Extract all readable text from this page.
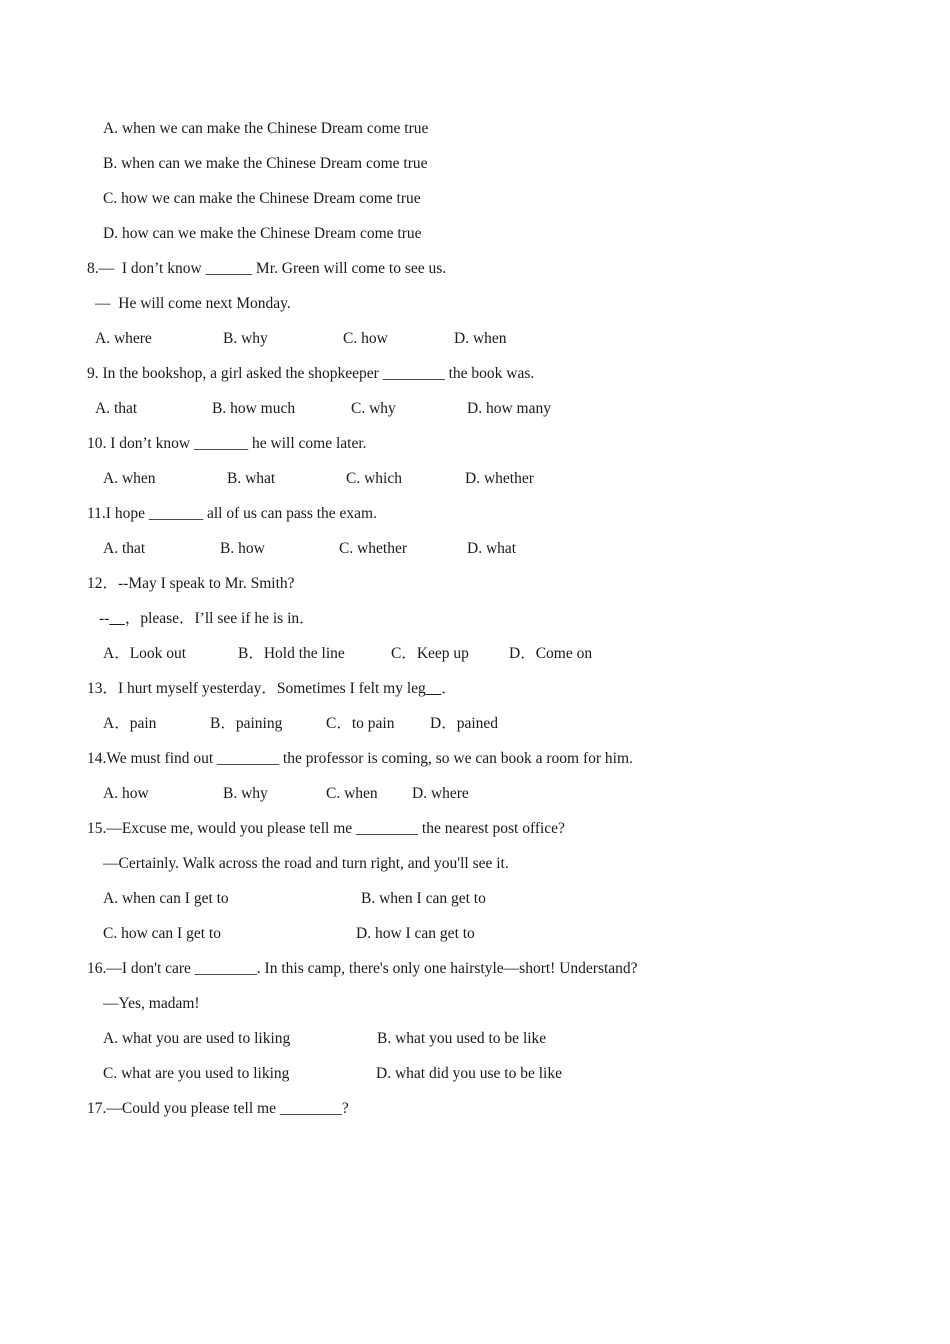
A. when we can make the Chinese Dream come true
B. when can we make the Chinese Dream come true
C. how we can make the Chinese Dream come true
D. how can we make the Chinese Dream come true
8.—  I don’t know ______ Mr. Green will come to see us.
—  He will come next Monday.
A. where	B. why	C. how	D. when
9. In the bookshop, a girl asked the shopkeeper ________ the book was.
A. that	B. how much	C. why	D. how many
10. I don’t know _______ he will come later.
A. when	B. what	C. which	D. whether
11.I hope _______ all of us can pass the exam.
A. that	B. how	C. whether	D. what
12．--May I speak to Mr. Smith?
-- ，please．I’ll see if he is in．
A．Look out	B．Hold the line	C．Keep up	D．Come on
13．I hurt myself yesterday．Sometimes I felt my leg ．
A．pain	B．paining	C．to pain D．pained
14.We must find out ________ the professor is coming, so we can book a room for him.
A. how	B. why	C. when D. where
15.—Excuse me, would you please tell me ________ the nearest post office?
—Certainly. Walk across the road and turn right, and you'll see it.
A. when can I get to	B. when I can get to
C. how can I get to	D. how I can get to
16.—I don't care ________. In this camp, there's only one hairstyle—short! Understand?
—Yes, madam!
A. what you are used to liking	B. what you used to be like
C. what are you used to liking	D. what did you use to be like
17.—Could you please tell me ________?
